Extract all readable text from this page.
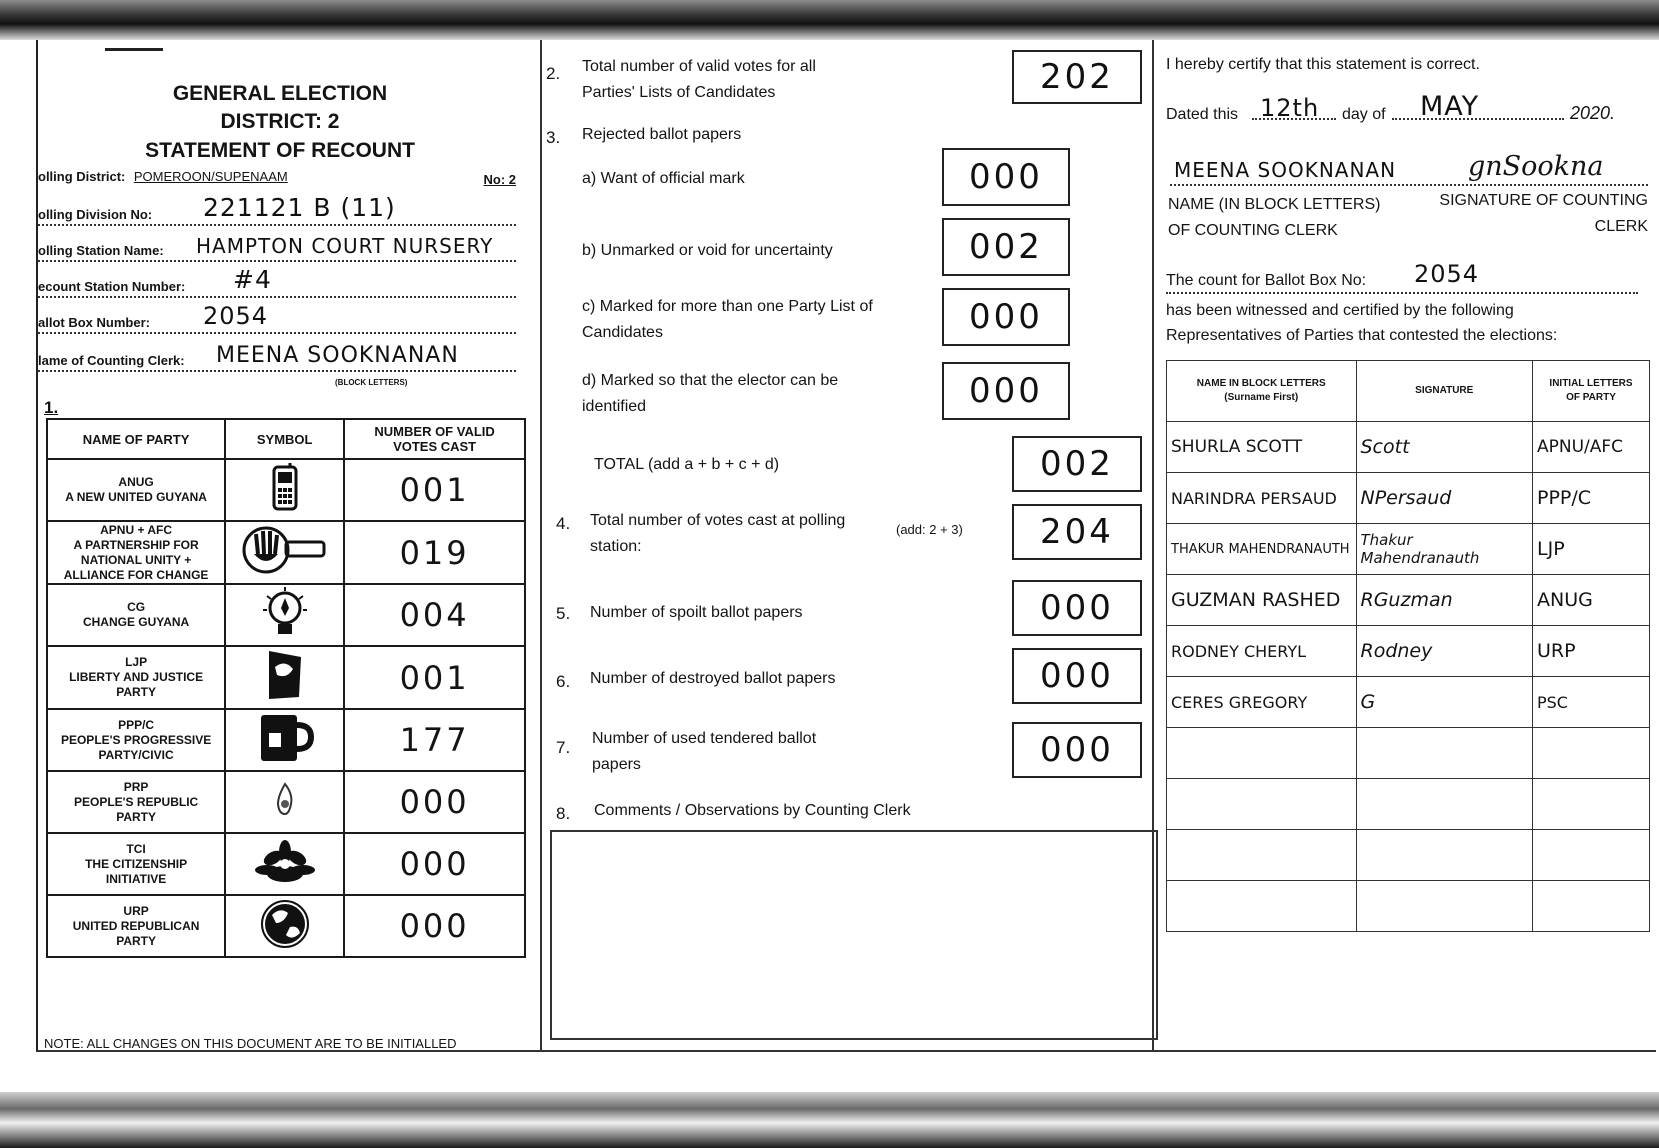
GENERAL ELECTION
DISTRICT: 2
STATEMENT OF RECOUNT
olling District: POMEROON/SUPENAAM	No: 2
olling Division No: 221121 B (11)
olling Station Name: HAMPTON COURT NURSERY
ecount Station Number: #4
allot Box Number: 2054
lame of Counting Clerk: MEENA SOOKNANAN
(BLOCK LETTERS)
1.
NAME OF PARTY	SYMBOL	NUMBER OF VALID VOTES CAST
ANUG
A NEW UNITED GUYANA		001
APNU + AFC
A PARTNERSHIP FOR
NATIONAL UNITY +
ALLIANCE FOR CHANGE		019
CG
CHANGE GUYANA		004
LJP
LIBERTY AND JUSTICE
PARTY		001
PPP/C
PEOPLE'S PROGRESSIVE
PARTY/CIVIC		177
PRP
PEOPLE'S REPUBLIC
PARTY		000
TCI
THE CITIZENSHIP
INITIATIVE		000
URP
UNITED REPUBLICAN
PARTY		000
NOTE: ALL CHANGES ON THIS DOCUMENT ARE TO BE INITIALLED
2. Total number of valid votes for all
Parties' Lists of Candidates	202
3. Rejected ballot papers
a) Want of official mark	000
b) Unmarked or void for uncertainty	002
c) Marked for more than one Party List of
Candidates	000
d) Marked so that the elector can be
identified	000
TOTAL (add a + b + c + d)	002
4. Total number of votes cast at polling
station:
(add: 2 + 3)	204
5. Number of spoilt ballot papers	000
6. Number of destroyed ballot papers	000
7. Number of used tendered ballot
papers	000
8. Comments / Observations by Counting Clerk
I hereby certify that this statement is correct.
Dated this 12th day of MAY	2020.
MEENA SOOKNANAN	gnSookna
NAME (IN BLOCK LETTERS)
OF COUNTING CLERK
SIGNATURE OF COUNTING
CLERK
The count for Ballot Box No: 2054
has been witnessed and certified by the following
Representatives of Parties that contested the elections:
NAME IN BLOCK LETTERS
(Surname First)	SIGNATURE	INITIAL LETTERS
OF PARTY
SHURLA SCOTT	Scott	APNU/AFC
NARINDRA PERSAUD	NPersaud	PPP/C
THAKUR MAHENDRANAUTH	Thakur Mahendranauth	LJP
GUZMAN RASHED	RGuzman	ANUG
RODNEY CHERYL	Rodney	URP
CERES GREGORY	G	PSC
